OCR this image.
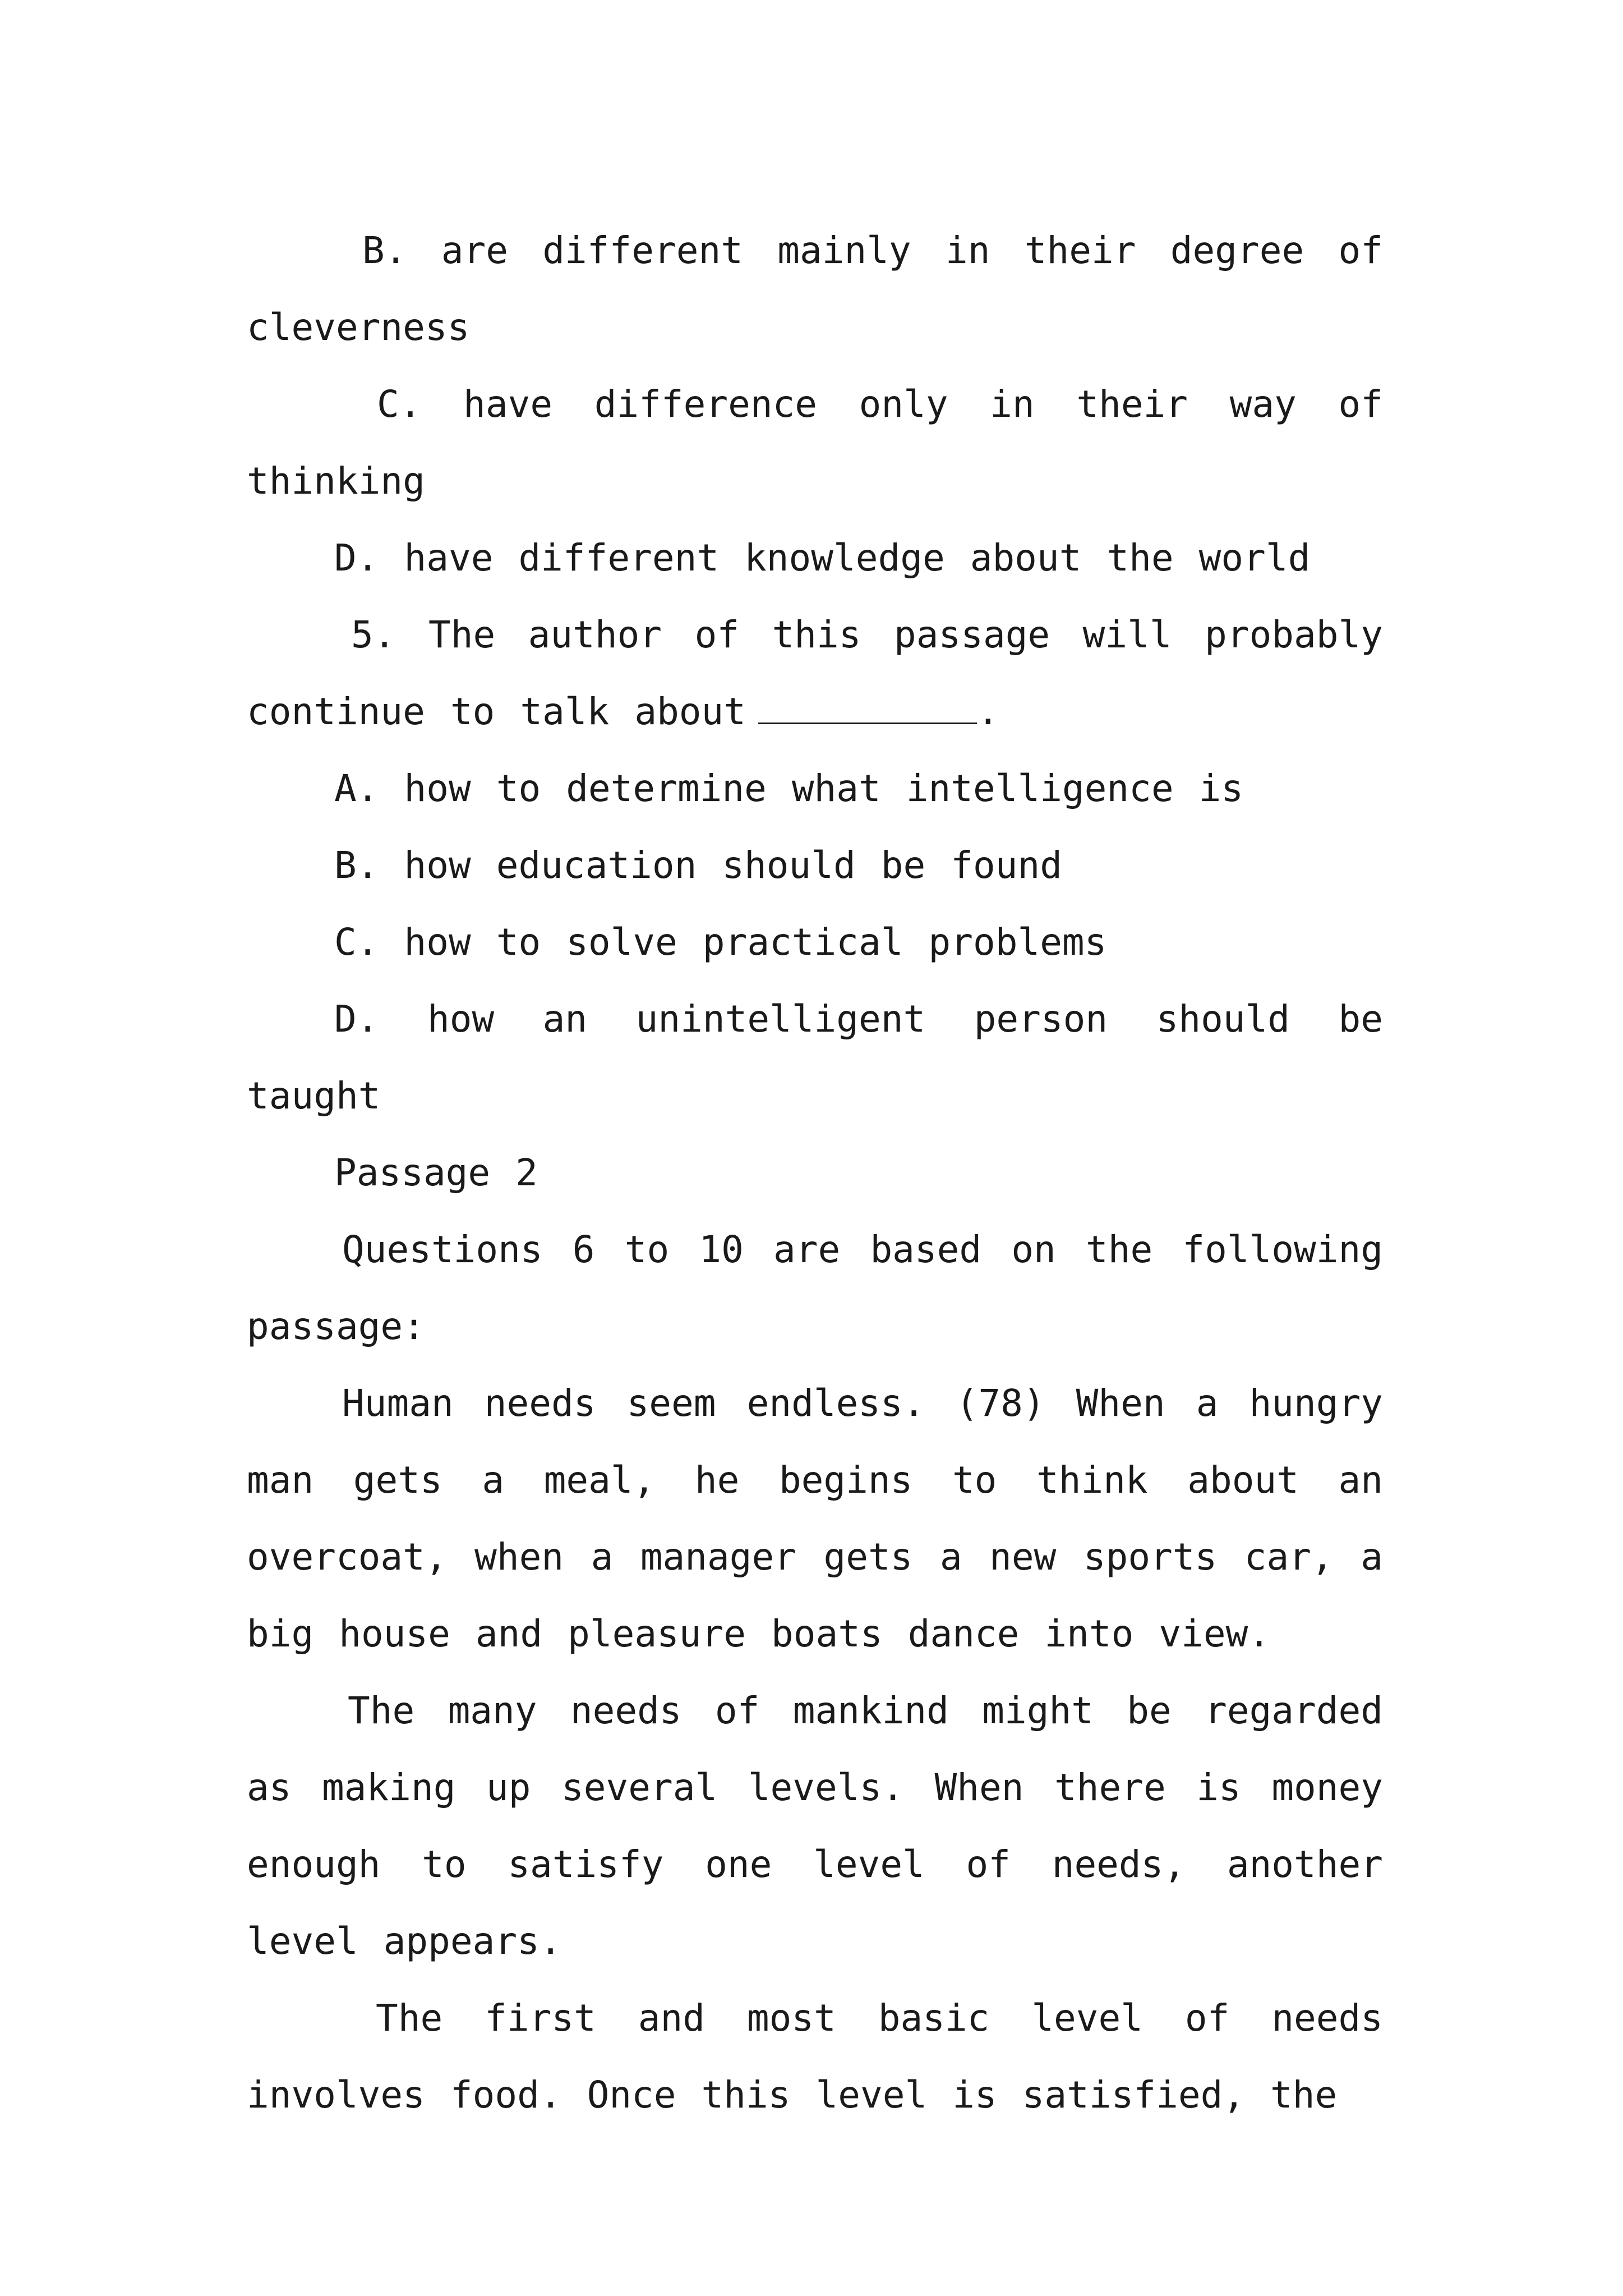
B. are different mainly in their degree of cleverness

C. have difference only in their way of thinking

D. have different knowledge about the world

5. The author of this passage will probably continue to talk about	.

A. how to determine what intelligence is

B. how education should be found

C. how to solve practical problems

D. how an unintelligent person should be taught

Passage 2

Questions 6 to 10 are based on the following passage:

Human needs seem endless. (78) When a hungry man gets a meal, he begins to think about an overcoat, when a manager gets a new sports car, a big house and pleasure boats dance into view.

The many needs of mankind might be regarded as making up several levels. When there is money enough to satisfy one level of needs, another level appears.

The first and most basic level of needs involves food. Once this level is satisfied, the
